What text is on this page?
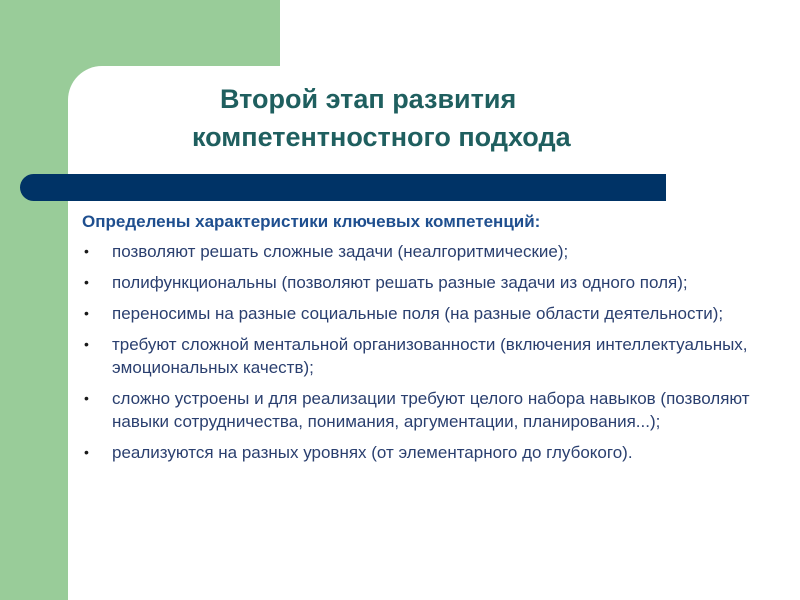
Второй этап развития
компетентностного подхода

Определены характеристики ключевых компетенций:

• позволяют решать сложные задачи (неалгоритмические);
• полифункциональны (позволяют решать разные задачи из одного поля);
• переносимы на разные социальные поля (на разные области деятельности);
• требуют сложной ментальной организованности (включения интеллектуальных, эмоциональных качеств);
• сложно устроены и для реализации требуют целого набора навыков (позволяют навыки сотрудничества, понимания, аргументации, планирования...);
• реализуются на разных уровнях (от элементарного до глубокого).
